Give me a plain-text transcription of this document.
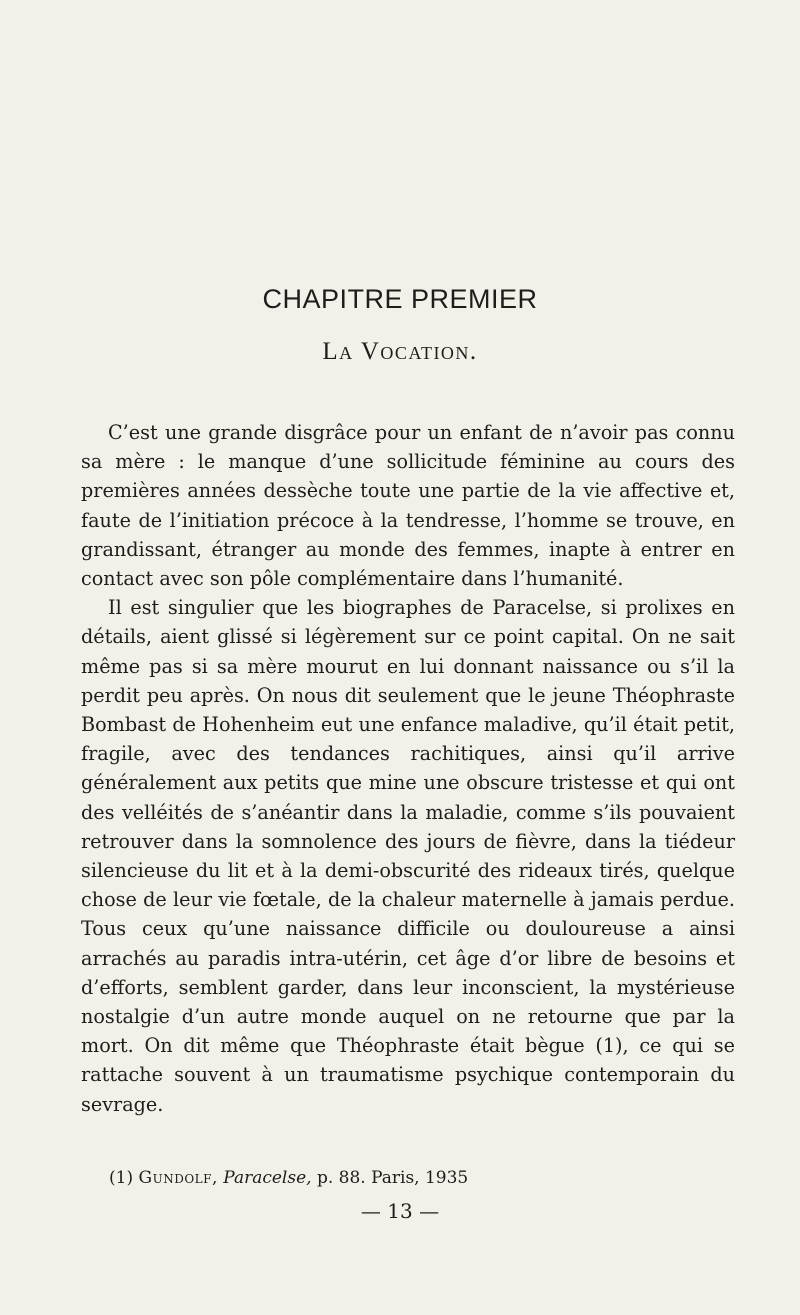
CHAPITRE PREMIER
La Vocation.

C’est une grande disgrâce pour un enfant de n’avoir pas connu sa mère : le manque d’une sollicitude féminine au cours des premières années dessèche toute une partie de la vie affective et, faute de l’initiation précoce à la tendresse, l’homme se trouve, en grandissant, étranger au monde des femmes, inapte à entrer en contact avec son pôle complémentaire dans l’humanité.

Il est singulier que les biographes de Paracelse, si prolixes en détails, aient glissé si légèrement sur ce point capital. On ne sait même pas si sa mère mourut en lui donnant naissance ou s’il la perdit peu après. On nous dit seulement que le jeune Théophraste Bombast de Hohenheim eut une enfance maladive, qu’il était petit, fragile, avec des tendances rachitiques, ainsi qu’il arrive généralement aux petits que mine une obscure tristesse et qui ont des velléités de s’anéantir dans la maladie, comme s’ils pouvaient retrouver dans la somnolence des jours de fièvre, dans la tiédeur silencieuse du lit et à la demi-obscurité des rideaux tirés, quelque chose de leur vie fœtale, de la chaleur maternelle à jamais perdue. Tous ceux qu’une naissance difficile ou douloureuse a ainsi arrachés au paradis intra-utérin, cet âge d’or libre de besoins et d’efforts, semblent garder, dans leur inconscient, la mystérieuse nostalgie d’un autre monde auquel on ne retourne que par la mort. On dit même que Théophraste était bègue (1), ce qui se rattache souvent à un traumatisme psychique contemporain du sevrage.

(1) Gundolf, Paracelse, p. 88. Paris, 1935
— 13 —
